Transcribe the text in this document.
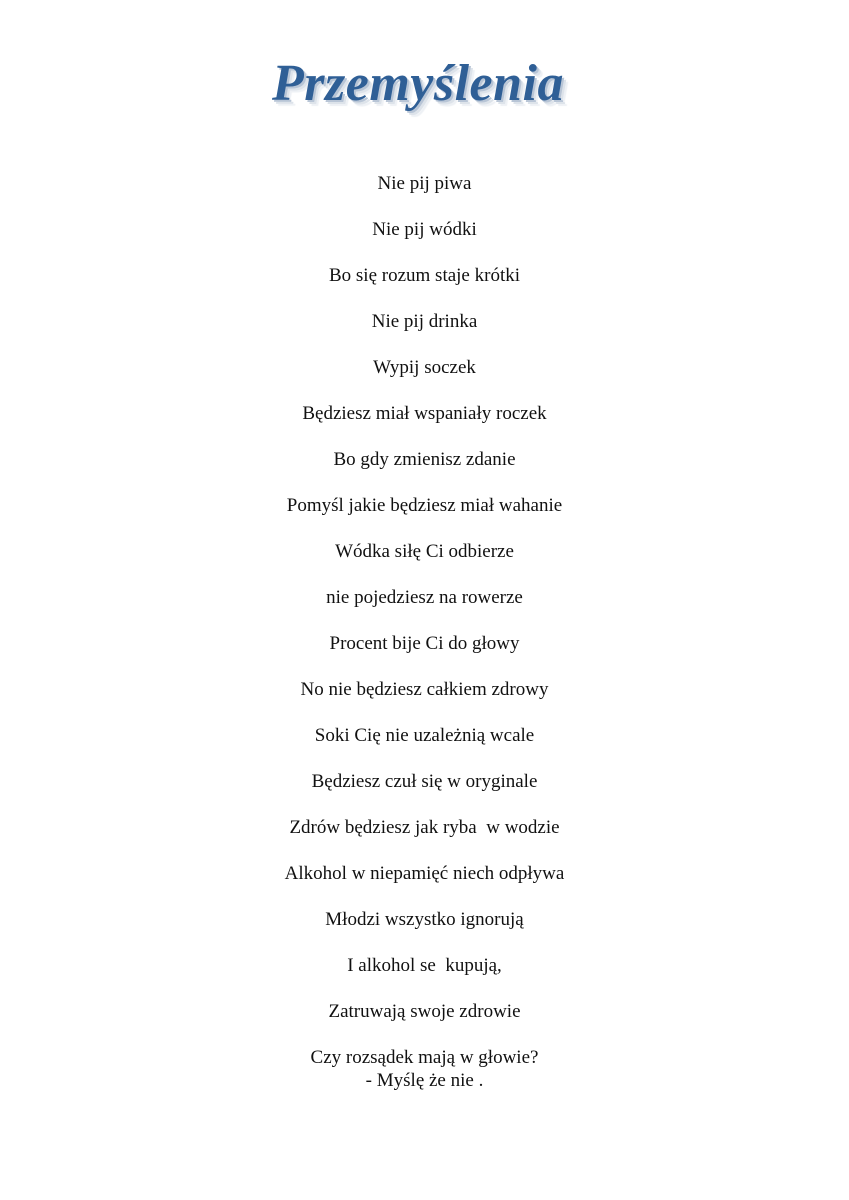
Przemyślenia
Nie pij piwa
Nie pij wódki
Bo się rozum staje krótki
Nie pij drinka
Wypij soczek
Będziesz miał wspaniały roczek
Bo gdy zmienisz zdanie
Pomyśl jakie będziesz miał wahanie
Wódka siłę Ci odbierze
nie pojedziesz na rowerze
Procent bije Ci do głowy
No nie będziesz całkiem zdrowy
Soki Cię nie uzależnią wcale
Będziesz czuł się w oryginale
Zdrów będziesz jak ryba  w wodzie
Alkohol w niepamięć niech odpływa
Młodzi wszystko ignorują
I alkohol se  kupują,
Zatruwają swoje zdrowie
Czy rozsądek mają w głowie?
- Myślę że nie .
